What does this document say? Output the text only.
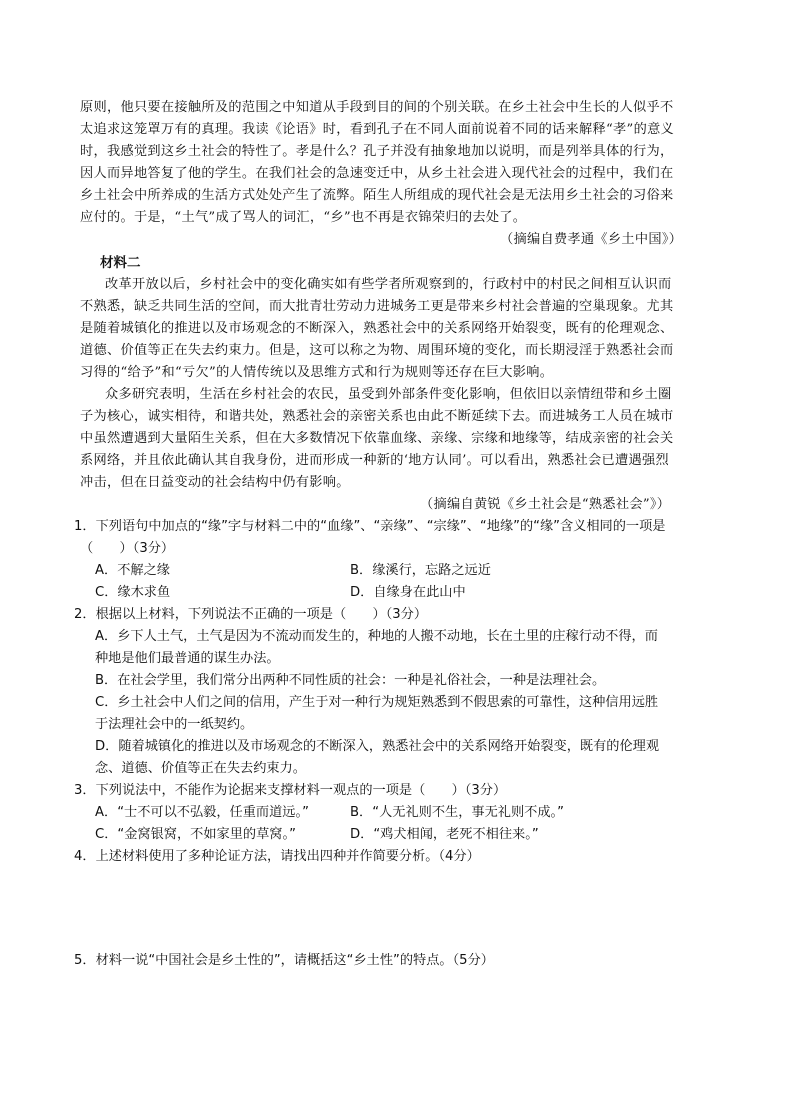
原则，他只要在接触所及的范围之中知道从手段到目的间的个别关联。在乡土社会中生长的人似乎不
太追求这笼罩万有的真理。我读《论语》时，看到孔子在不同人面前说着不同的话来解释“孝”的意义
时，我感觉到这乡土社会的特性了。孝是什么？孔子并没有抽象地加以说明，而是列举具体的行为，
因人而异地答复了他的学生。在我们社会的急速变迁中，从乡土社会进入现代社会的过程中，我们在
乡土社会中所养成的生活方式处处产生了流弊。陌生人所组成的现代社会是无法用乡土社会的习俗来
应付的。于是，“土气”成了骂人的词汇，“乡”也不再是衣锦荣归的去处了。
（摘编自费孝通《乡土中国》）
材料二
改革开放以后，乡村社会中的变化确实如有些学者所观察到的，行政村中的村民之间相互认识而
不熟悉，缺乏共同生活的空间，而大批青壮劳动力进城务工更是带来乡村社会普遍的空巢现象。尤其
是随着城镇化的推进以及市场观念的不断深入，熟悉社会中的关系网络开始裂变，既有的伦理观念、
道德、价值等正在失去约束力。但是，这可以称之为物、周围环境的变化，而长期浸淫于熟悉社会而
习得的“给予”和“亏欠”的人情传统以及思维方式和行为规则等还存在巨大影响。
众多研究表明，生活在乡村社会的农民，虽受到外部条件变化影响，但依旧以亲情纽带和乡土圈
子为核心，诚实相待，和谐共处，熟悉社会的亲密关系也由此不断延续下去。而进城务工人员在城市
中虽然遭遇到大量陌生关系，但在大多数情况下依靠血缘、亲缘、宗缘和地缘等，结成亲密的社会关
系网络，并且依此确认其自我身份，进而形成一种新的‘地方认同’。可以看出，熟悉社会已遭遇强烈
冲击，但在日益变动的社会结构中仍有影响。
（摘编自黄锐《乡土社会是“熟悉社会”》）
1．下列语句中加点的“缘”字与材料二中的“血缘”、“亲缘”、“宗缘”、“地缘”的“缘”含义相同的一项是
（　　）（3分）
A．不解之缘	B．缘溪行，忘路之远近
C．缘木求鱼	D．自缘身在此山中
2．根据以上材料，下列说法不正确的一项是（　　）（3分）
A．乡下人土气，土气是因为不流动而发生的，种地的人搬不动地，长在土里的庄稼行动不得，而
种地是他们最普通的谋生办法。
B．在社会学里，我们常分出两种不同性质的社会：一种是礼俗社会，一种是法理社会。
C．乡土社会中人们之间的信用，产生于对一种行为规矩熟悉到不假思索的可靠性，这种信用远胜
于法理社会中的一纸契约。
D．随着城镇化的推进以及市场观念的不断深入，熟悉社会中的关系网络开始裂变，既有的伦理观
念、道德、价值等正在失去约束力。
3．下列说法中，不能作为论据来支撑材料一观点的一项是（　　）（3分）
A．“士不可以不弘毅，任重而道远。”	B．“人无礼则不生，事无礼则不成。”
C．“金窝银窝，不如家里的草窝。”	D．“鸡犬相闻，老死不相往来。”
4．上述材料使用了多种论证方法，请找出四种并作简要分析。（4分）
5．材料一说“中国社会是乡土性的”，请概括这“乡土性”的特点。（5分）
